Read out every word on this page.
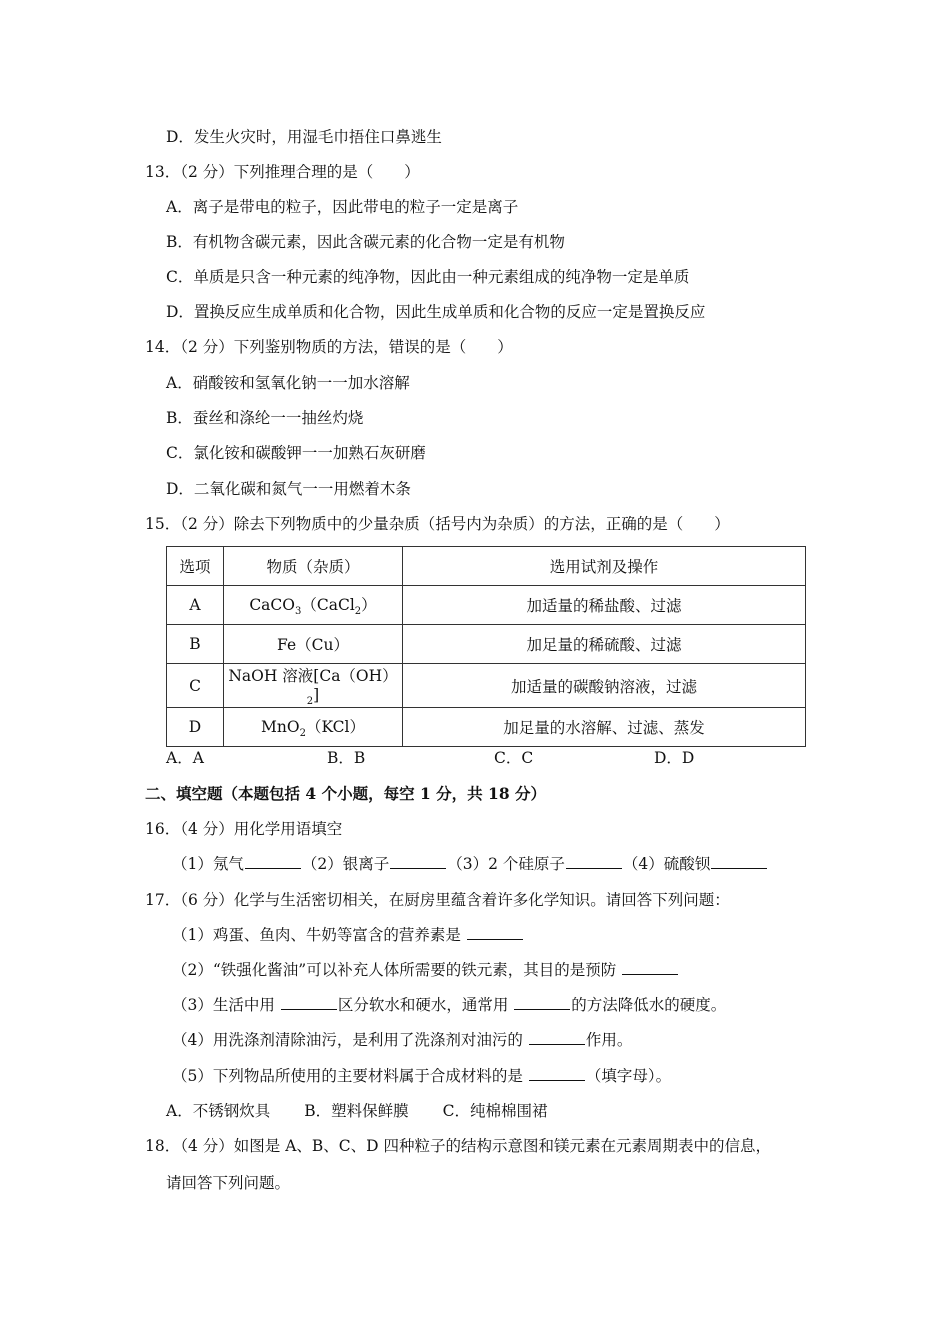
D．发生火灾时，用湿毛巾捂住口鼻逃生
13．（2 分）下列推理合理的是（　　）
A．离子是带电的粒子，因此带电的粒子一定是离子
B．有机物含碳元素，因此含碳元素的化合物一定是有机物
C．单质是只含一种元素的纯净物，因此由一种元素组成的纯净物一定是单质
D．置换反应生成单质和化合物，因此生成单质和化合物的反应一定是置换反应
14．（2 分）下列鉴别物质的方法，错误的是（　　）
A．硝酸铵和氢氧化钠一一加水溶解
B．蚕丝和涤纶一一抽丝灼烧
C．氯化铵和碳酸钾一一加熟石灰研磨
D．二氧化碳和氮气一一用燃着木条
15．（2 分）除去下列物质中的少量杂质（括号内为杂质）的方法，正确的是（　　）
选项	物质（杂质）	选用试剂及操作
A	CaCO$_3$（CaCl$_2$）	加适量的稀盐酸、过滤
B	Fe（Cu）	加足量的稀硫酸、过滤
C	NaOH 溶液$[Ca(OH)_2]$	加适量的碳酸钠溶液，过滤
D	MnO$_2$（KCl）	加足量的水溶解、过滤、蒸发
A．A	B．B	C．C	D．D
二、填空题（本题包括 4 个小题，每空 1 分，共 18 分）
16．（4 分）用化学用语填空
（1）氖气	（2）银离子	（3）2 个硅原子	（4）硫酸钡
17．（6 分）化学与生活密切相关，在厨房里蕴含着许多化学知识。请回答下列问题：
（1）鸡蛋、鱼肉、牛奶等富含的营养素是
（2）“铁强化酱油”可以补充人体所需要的铁元素，其目的是预防
（3）生活中用	区分软水和硬水，通常用	的方法降低水的硬度。
（4）用洗涤剂清除油污，是利用了洗涤剂对油污的	作用。
（5）下列物品所使用的主要材料属于合成材料的是	（填字母）。
A．不锈钢炊具 B．塑料保鲜膜 C．纯棉棉围裙
18．（4 分）如图是 A、B、C、D 四种粒子的结构示意图和镁元素在元素周期表中的信息，
请回答下列问题。
